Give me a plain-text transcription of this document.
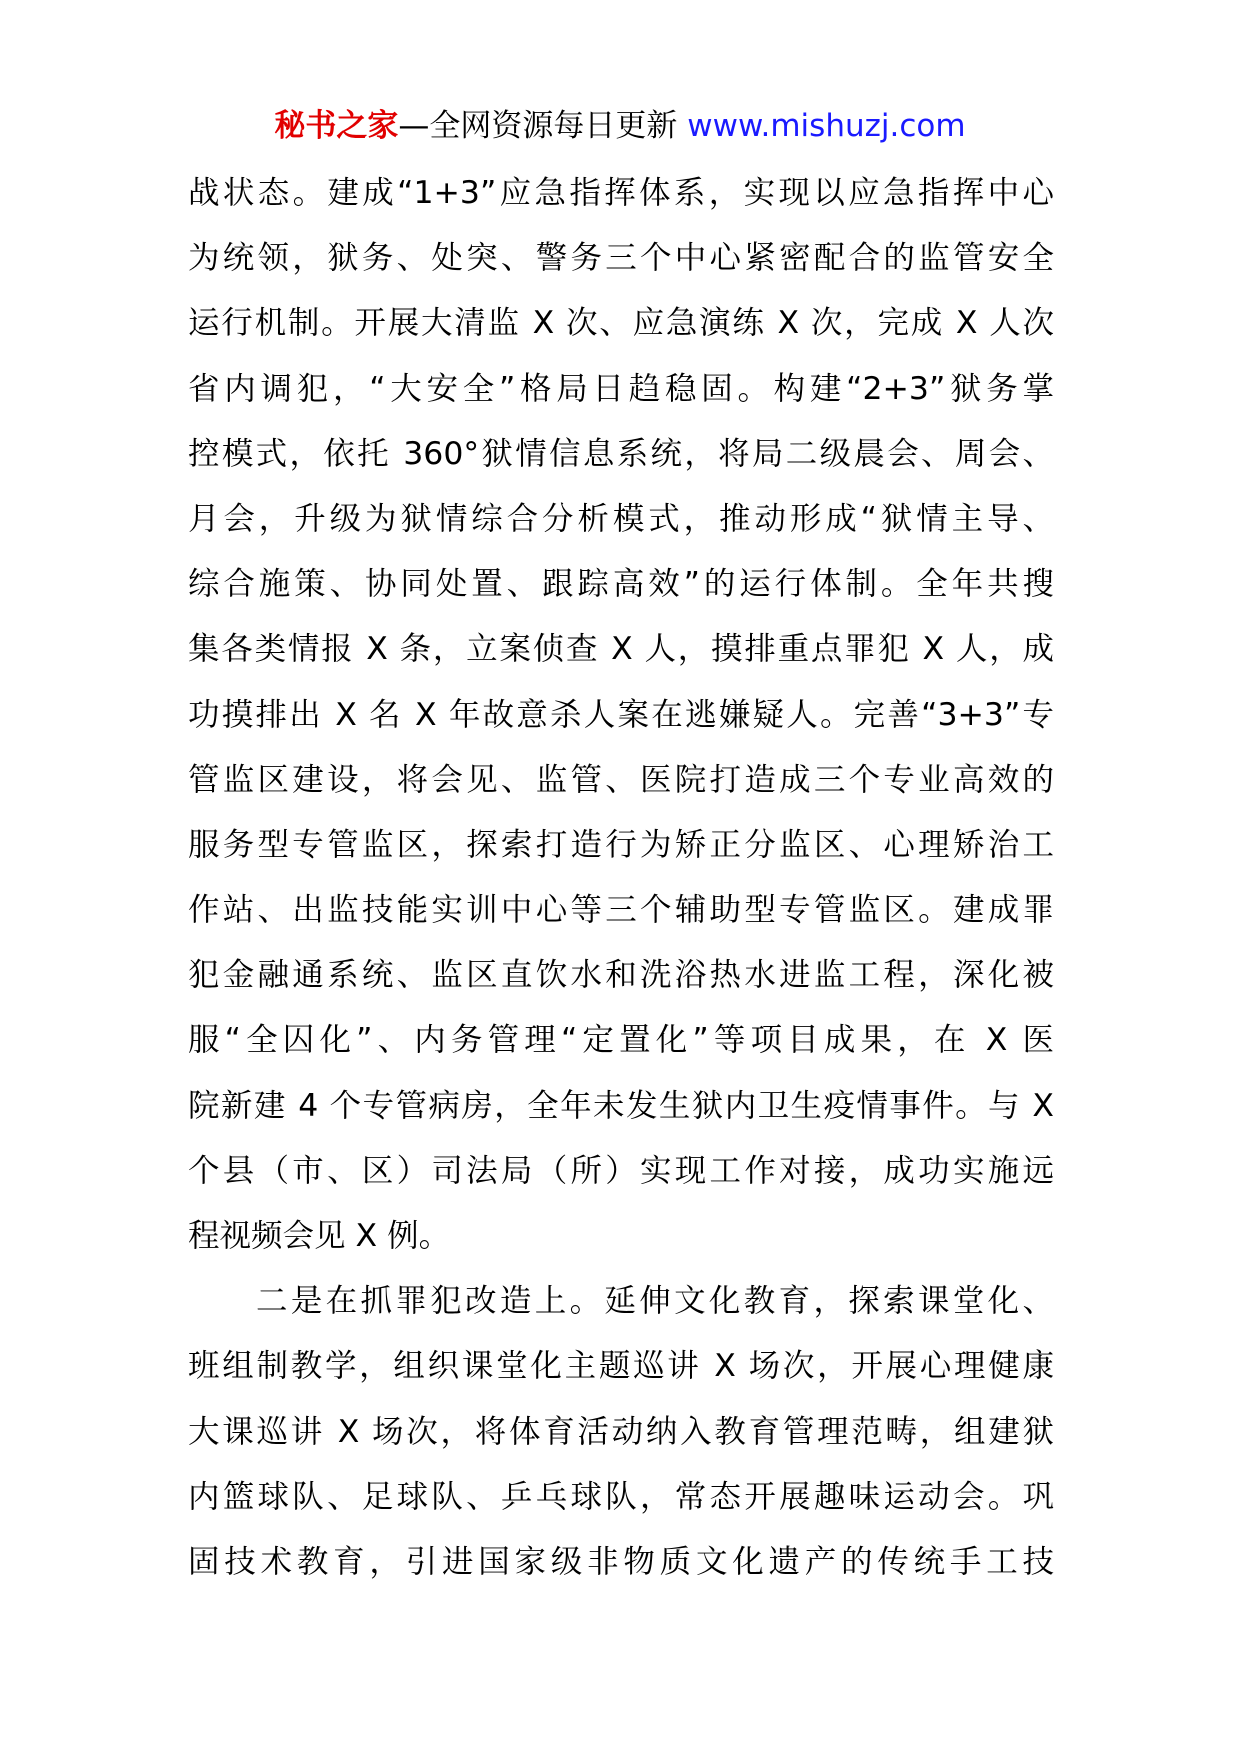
秘书之家—全网资源每日更新 www.mishuzj.com
战状态。建成“1+3”应急指挥体系，实现以应急指挥中心
为统领，狱务、处突、警务三个中心紧密配合的监管安全
运行机制。开展大清监 X 次、应急演练 X 次，完成 X 人次
省内调犯，“大安全”格局日趋稳固。构建“2+3”狱务掌
控模式，依托 360°狱情信息系统，将局二级晨会、周会、
月会，升级为狱情综合分析模式，推动形成“狱情主导、
综合施策、协同处置、跟踪高效”的运行体制。全年共搜
集各类情报 X 条，立案侦查 X 人，摸排重点罪犯 X 人，成
功摸排出 X 名 X 年故意杀人案在逃嫌疑人。完善“3+3”专
管监区建设，将会见、监管、医院打造成三个专业高效的
服务型专管监区，探索打造行为矫正分监区、心理矫治工
作站、出监技能实训中心等三个辅助型专管监区。建成罪
犯金融通系统、监区直饮水和洗浴热水进监工程，深化被
服“全囚化”、内务管理“定置化”等项目成果，在 X 医
院新建 4 个专管病房，全年未发生狱内卫生疫情事件。与 X
个县（市、区）司法局（所）实现工作对接，成功实施远
程视频会见 X 例。
二是在抓罪犯改造上。延伸文化教育，探索课堂化、
班组制教学，组织课堂化主题巡讲 X 场次，开展心理健康
大课巡讲 X 场次，将体育活动纳入教育管理范畴，组建狱
内篮球队、足球队、乒乓球队，常态开展趣味运动会。巩
固技术教育，引进国家级非物质文化遗产的传统手工技
